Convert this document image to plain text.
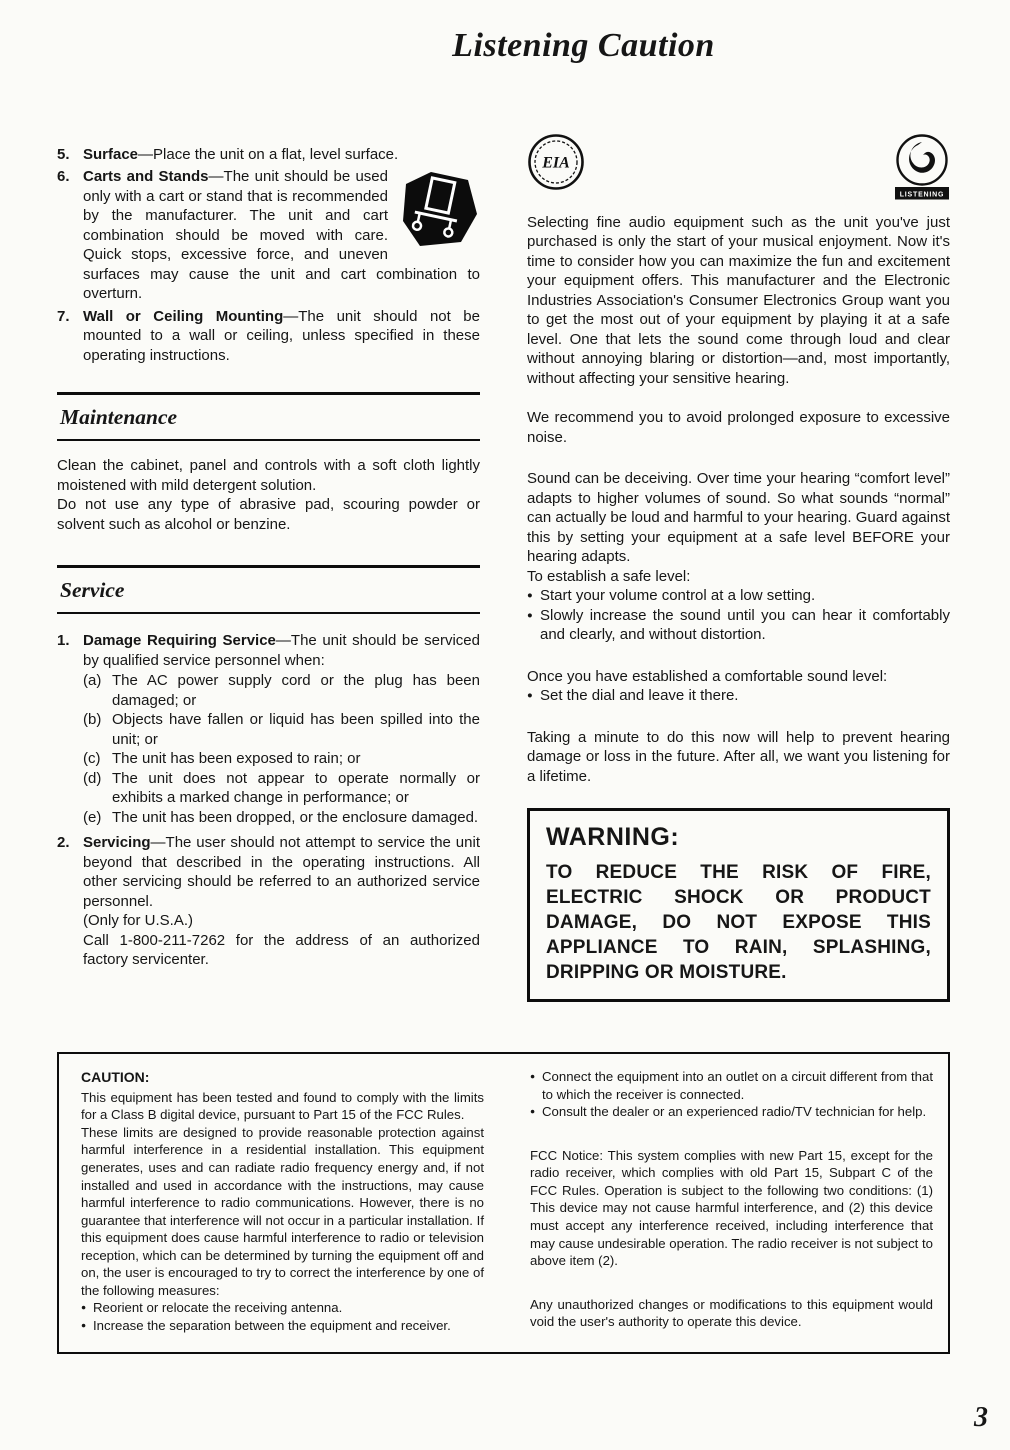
Listening Caution
5. Surface—Place the unit on a flat, level surface.
6. Carts and Stands—The unit should be used only with a cart or stand that is recommended by the manufacturer. The unit and cart combination should be moved with care. Quick stops, excessive force, and uneven surfaces may cause the unit and cart combination to overturn.
7. Wall or Ceiling Mounting—The unit should not be mounted to a wall or ceiling, unless specified in these operating instructions.
Maintenance

Clean the cabinet, panel and controls with a soft cloth lightly moistened with mild detergent solution.

Do not use any type of abrasive pad, scouring powder or solvent such as alcohol or benzine.

Service
1. Damage Requiring Service—The unit should be serviced by qualified service personnel when:
(a) The AC power supply cord or the plug has been damaged; or
(b) Objects have fallen or liquid has been spilled into the unit; or
(c) The unit has been exposed to rain; or
(d) The unit does not appear to operate normally or exhibits a marked change in performance; or
(e) The unit has been dropped, or the enclosure damaged.
2. Servicing—The user should not attempt to service the unit beyond that described in the operating instructions. All other servicing should be referred to an authorized service personnel.
(Only for U.S.A.)
Call 1-800-211-7262 for the address of an authorized factory servicenter.
EIA
LISTENING

Selecting fine audio equipment such as the unit you've just purchased is only the start of your musical enjoyment. Now it's time to consider how you can maximize the fun and excitement your equipment offers. This manufacturer and the Electronic Industries Association's Consumer Electronics Group want you to get the most out of your equipment by playing it at a safe level. One that lets the sound come through loud and clear without annoying blaring or distortion—and, most importantly, without affecting your sensitive hearing.

We recommend you to avoid prolonged exposure to excessive noise.

Sound can be deceiving. Over time your hearing “comfort level” adapts to higher volumes of sound. So what sounds “normal” can actually be loud and harmful to your hearing. Guard against this by setting your equipment at a safe level BEFORE your hearing adapts.

To establish a safe level:
● Start your volume control at a low setting.
● Slowly increase the sound until you can hear it comfortably and clearly, and without distortion.
Once you have established a comfortable sound level:
● Set the dial and leave it there.

Taking a minute to do this now will help to prevent hearing damage or loss in the future. After all, we want you listening for a lifetime.

WARNING:
TO REDUCE THE RISK OF FIRE, ELECTRIC SHOCK OR PRODUCT DAMAGE, DO NOT EXPOSE THIS APPLIANCE TO RAIN, SPLASHING, DRIPPING OR MOISTURE.
CAUTION:

This equipment has been tested and found to comply with the limits for a Class B digital device, pursuant to Part 15 of the FCC Rules.

These limits are designed to provide reasonable protection against harmful interference in a residential installation. This equipment generates, uses and can radiate radio frequency energy and, if not installed and used in accordance with the instructions, may cause harmful interference to radio communications. However, there is no guarantee that interference will not occur in a particular installation. If this equipment does cause harmful interference to radio or television reception, which can be determined by turning the equipment off and on, the user is encouraged to try to correct the interference by one of the following measures:

● Reorient or relocate the receiving antenna.
● Increase the separation between the equipment and receiver.
● Connect the equipment into an outlet on a circuit different from that to which the receiver is connected.
● Consult the dealer or an experienced radio/TV technician for help.

FCC Notice: This system complies with new Part 15, except for the radio receiver, which complies with old Part 15, Subpart C of the FCC Rules. Operation is subject to the following two conditions: (1) This device may not cause harmful interference, and (2) this device must accept any interference received, including interference that may cause undesirable operation. The radio receiver is not subject to above item (2).

Any unauthorized changes or modifications to this equipment would void the user's authority to operate this device.

3
